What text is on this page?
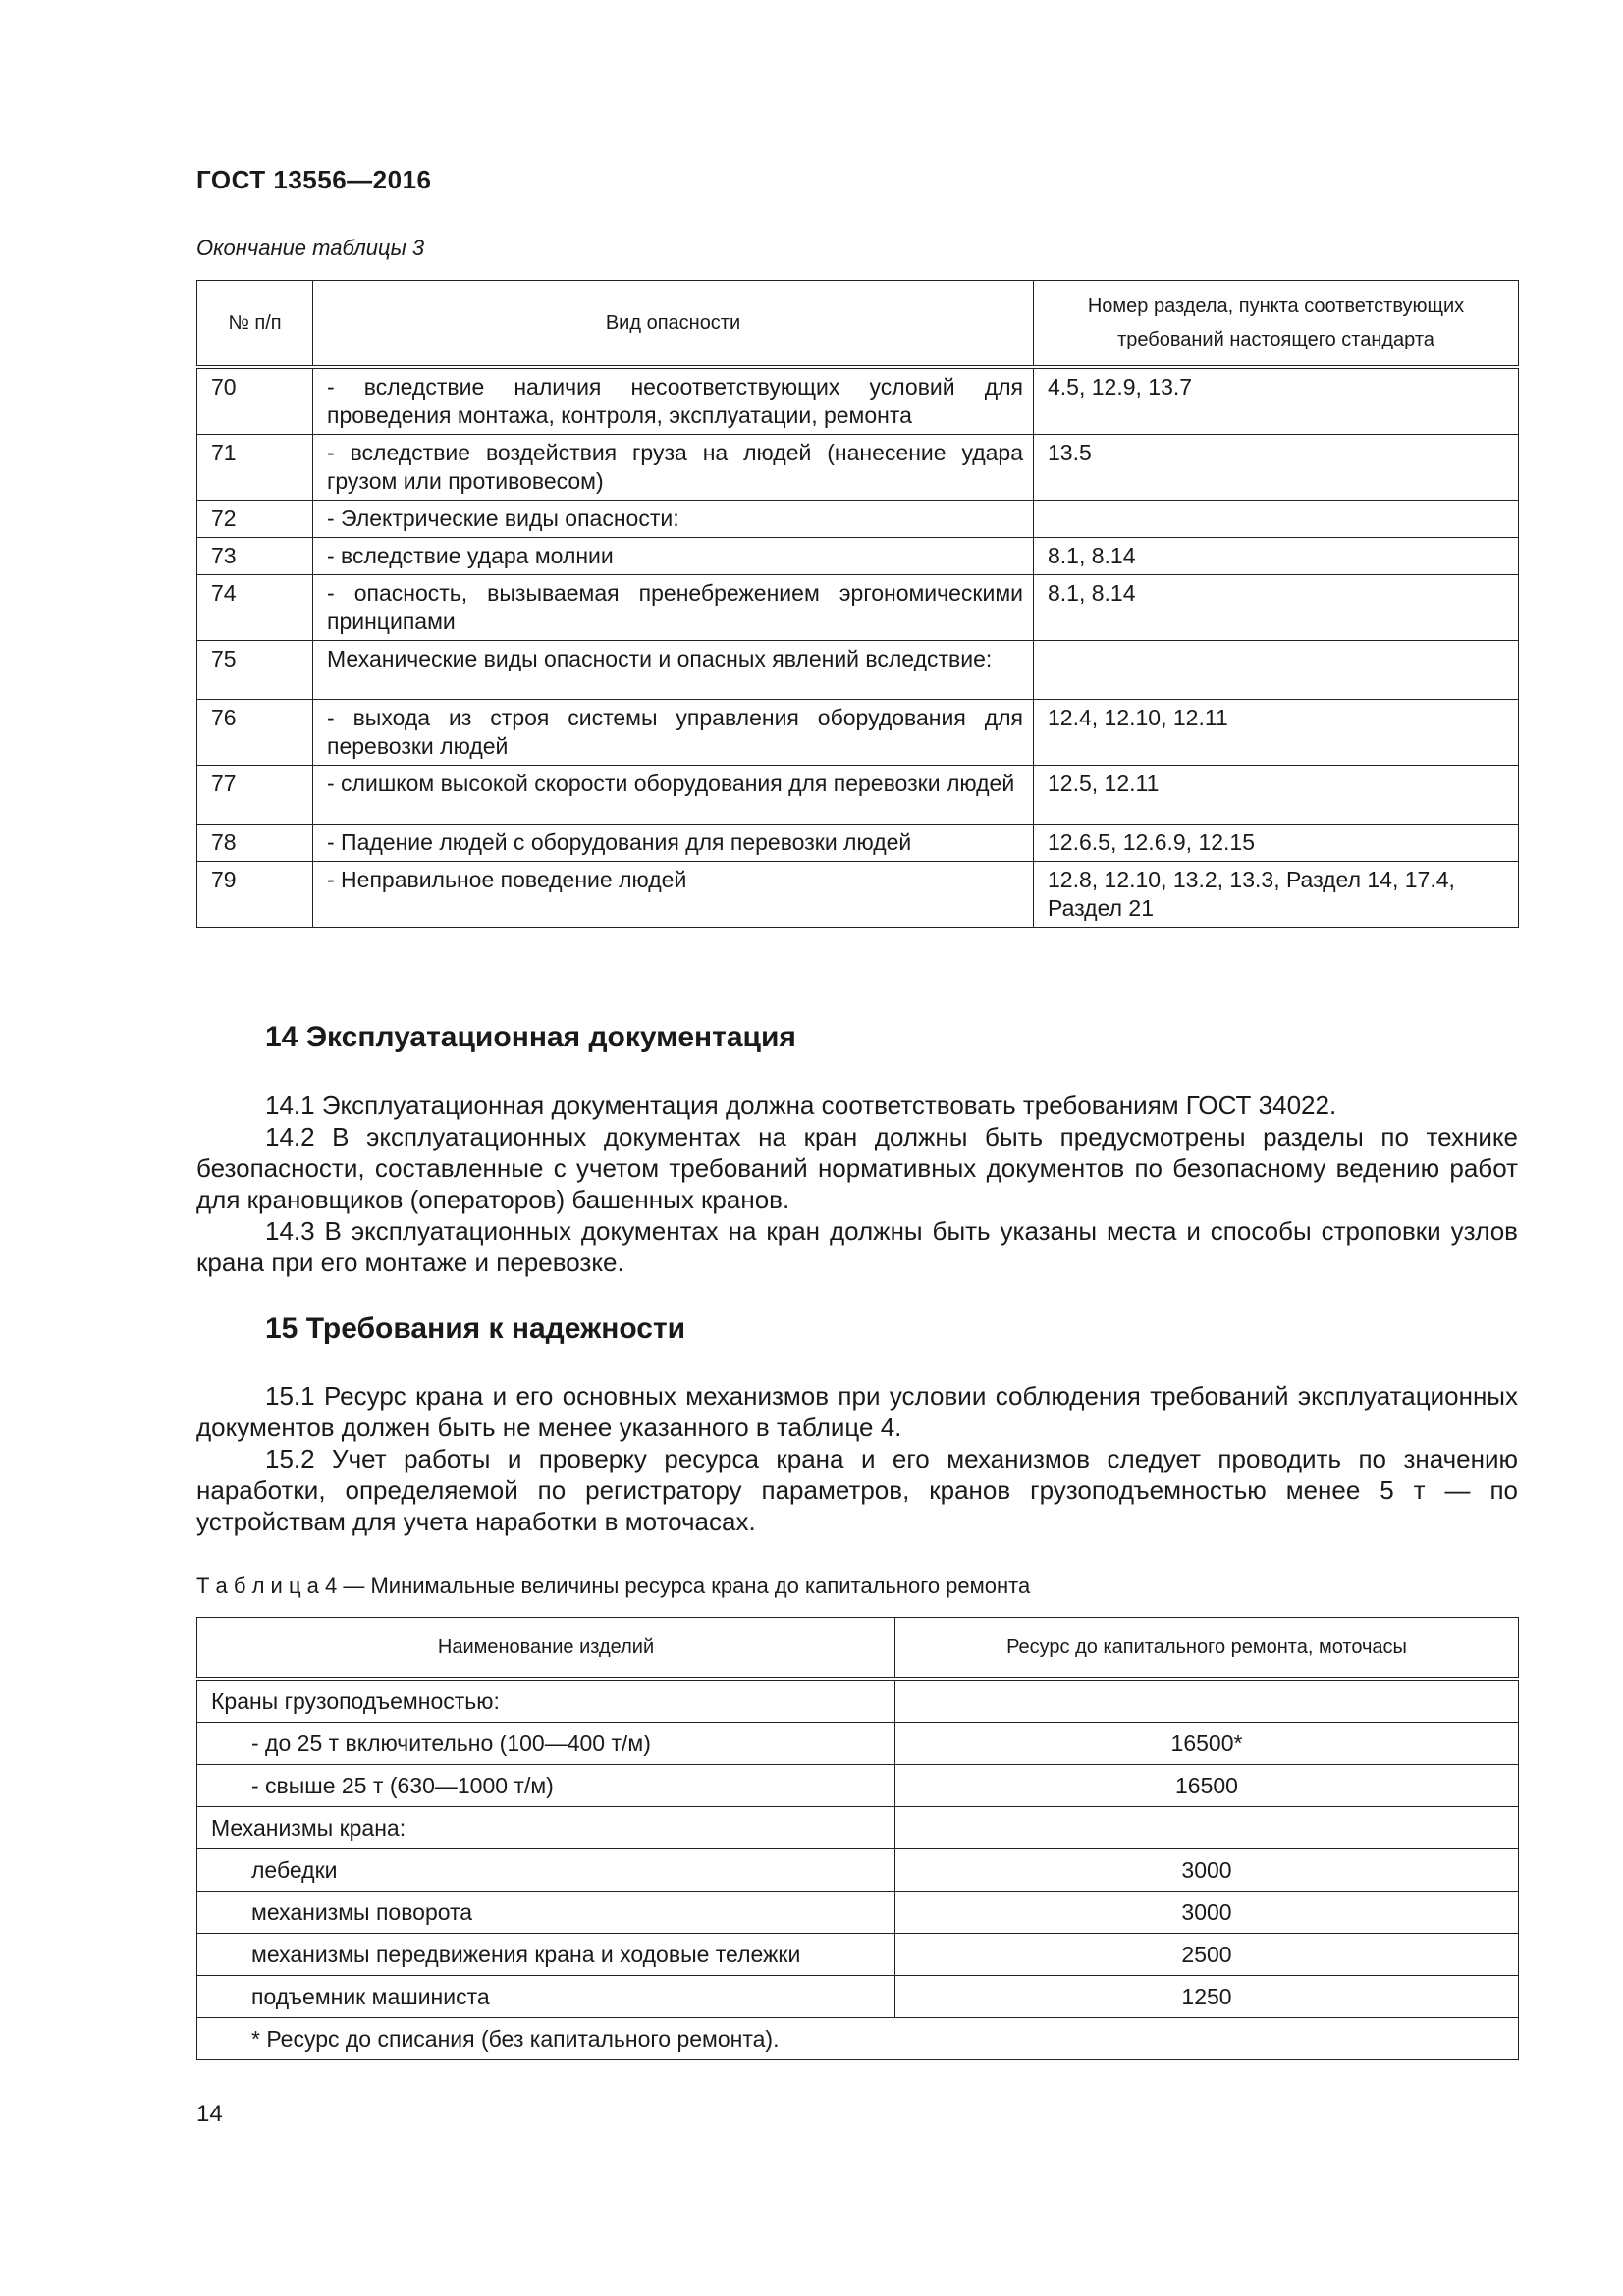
ГОСТ 13556—2016
Окончание таблицы 3
№ п/п	Вид опасности	Номер раздела, пункта соответствующих требований настоящего стандарта
70	- вследствие наличия несоответствующих условий для проведения монтажа, контроля, эксплуатации, ремонта	4.5, 12.9, 13.7
71	- вследствие воздействия груза на людей (нанесение удара грузом или противовесом)	13.5
72	- Электрические виды опасности:	
73	- вследствие удара молнии	8.1, 8.14
74	- опасность, вызываемая пренебрежением эргономическими принципами	8.1, 8.14
75	Механические виды опасности и опасных явлений вследствие:	
76	- выхода из строя системы управления оборудования для перевозки людей	12.4, 12.10, 12.11
77	- слишком высокой скорости оборудования для перевозки людей	12.5, 12.11
78	- Падение людей с оборудования для перевозки людей	12.6.5, 12.6.9, 12.15
79	- Неправильное поведение людей	12.8, 12.10, 13.2, 13.3, Раздел 14, 17.4, Раздел 21
14 Эксплуатационная документация

14.1 Эксплуатационная документация должна соответствовать требованиям ГОСТ 34022.

14.2 В эксплуатационных документах на кран должны быть предусмотрены разделы по технике безопасности, составленные с учетом требований нормативных документов по безопасному ведению работ для крановщиков (операторов) башенных кранов.

14.3 В эксплуатационных документах на кран должны быть указаны места и способы строповки узлов крана при его монтаже и перевозке.

15 Требования к надежности

15.1 Ресурс крана и его основных механизмов при условии соблюдения требований эксплуатационных документов должен быть не менее указанного в таблице 4.

15.2 Учет работы и проверку ресурса крана и его механизмов следует проводить по значению наработки, определяемой по регистратору параметров, кранов грузоподъемностью менее 5 т — по устройствам для учета наработки в моточасах.

Т а б л и ц а 4 — Минимальные величины ресурса крана до капитального ремонта
Наименование изделий	Ресурс до капитального ремонта, моточасы
Краны грузоподъемностью:	
- до 25 т включительно (100—400 т/м)	16500*
- свыше 25 т (630—1000 т/м)	16500
Механизмы крана:	
лебедки	3000
механизмы поворота	3000
механизмы передвижения крана и ходовые тележки	2500
подъемник машиниста	1250
* Ресурс до списания (без капитального ремонта).	
14
